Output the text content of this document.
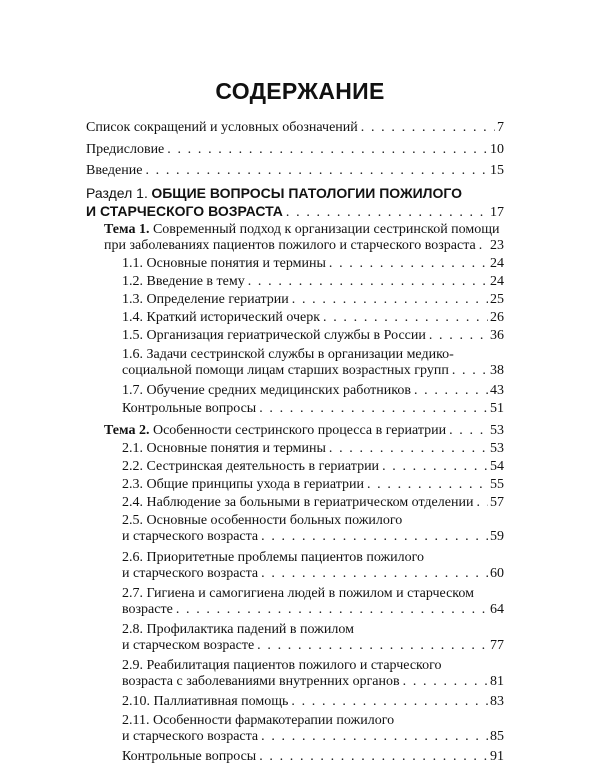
СОДЕРЖАНИЕ
Список сокращений и условных обозначений . . .	7
Предисловие . . .	10
Введение . . .	15
Раздел 1. ОБЩИЕ ВОПРОСЫ ПАТОЛОГИИ ПОЖИЛОГО
И СТАРЧЕСКОГО ВОЗРАСТА . . .	17
Тема 1. Современный подход к организации сестринской помощи
при заболеваниях пациентов пожилого и старческого возраста . . . 23
1.1. Основные понятия и термины . . .	24
1.2. Введение в тему . . .	24
1.3. Определение гериатрии . . .	25
1.4. Краткий исторический очерк . . .	26
1.5. Организация гериатрической службы в России . . .	36
1.6. Задачи сестринской службы в организации медико-
социальной помощи лицам старших возрастных групп . . .	38
1.7. Обучение средних медицинских работников . . .	43
Контрольные вопросы . . .	51
Тема 2. Особенности сестринского процесса в гериатрии . . .	53
2.1. Основные понятия и термины . . .	53
2.2. Сестринская деятельность в гериатрии . . .	54
2.3. Общие принципы ухода в гериатрии . . .	55
2.4. Наблюдение за больными в гериатрическом отделении . . . 57
2.5. Основные особенности больных пожилого
и старческого возраста . . .	59
2.6. Приоритетные проблемы пациентов пожилого
и старческого возраста . . .	60
2.7. Гигиена и самогигиена людей в пожилом и старческом
возрасте . . .	64
2.8. Профилактика падений в пожилом
и старческом возрасте . . .	77
2.9. Реабилитация пациентов пожилого и старческого
возраста с заболеваниями внутренних органов . . .	81
2.10. Паллиативная помощь . . .	83
2.11. Особенности фармакотерапии пожилого
и старческого возраста . . .	85
Контрольные вопросы . . .	91
